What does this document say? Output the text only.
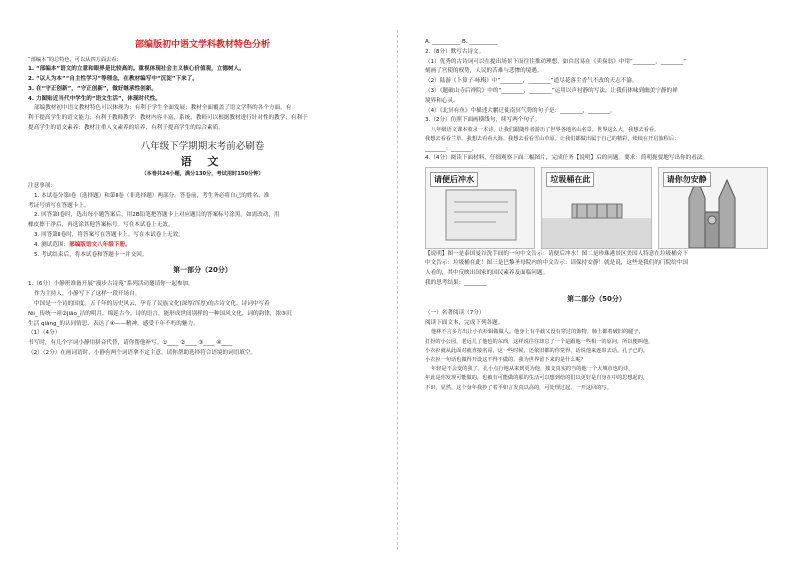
部编版初中语文学科教材特色分析

“部编本”的总特色，可以从四方面去看：

1. “部编本”语文的立意和眼界是比较高的。重视体现社会主义核心价值观，立德树人。

2. “以人为本”“自主性学习”等理念，在教材编写中“沉淀”下来了。

3. 在“守正创新”，“守正创新”，做好继承性创新。

4. 力图贴近当代中学生的“语文生活”，体现时代性。

部编教材初中语文教材特色可以体现为：有利于学生全面发展；教材全面覆盖了语文学科的各个方面，有

利于提高学生的语文能力；有利于教师教学：教材内容丰富，系统，教师可以根据教材进行针对性的教学；有利于

提高学生的语文素养：教材注重人文素养的培养，有利于提高学生的综合素质。

八年级下学期期末考前必刷卷

语 文

（本卷共24小题，满分130分，考试用时150分钟）

注意事项：

1. 本试卷分第Ⅰ卷（选择题）和第Ⅱ卷（非选择题）两部分。答卷前，考生务必将自己的姓名、准

考证号填写在答题卡上。

2. 回答第Ⅰ卷时，选出每小题答案后，用2B铅笔把答题卡上对应题目的答案标号涂黑。如需改动，用

橡皮擦干净后，再选涂其他答案标号。写在本试卷上无效。

3. 回答第Ⅱ卷时，将答案写在答题卡上。写在本试卷上无效。

4. 测试范围：部编版语文八年级下册。

5. 考试结束后，将本试卷和答题卡一并交回。

第一部分（20分）

1.（6分）小静班准备开展“漫步古诗苑”系列活动邀请你一起参加。

作为主持人，小静写下了这样一段开场白。

中国是一个诗的国度。五千年的历史风云，孕育了民族文化(深厚/浑厚)的古诗文化。诗词中写着

fēi_ 传统一祖②jiāo_洁的明月，绵延古今。诗的语言，能形成世间别样的一种国风文化，词的韵律，浓③沉

生活 qiàng_的认同情思、表达了④——精神，感受千年不朽的魅力。

（1）（4分）

书写时，有几个字词小静用拼音代替，请你帮他补写。①____ ②____ ③____ ④____

（2）（2分）在画词语时，小静有两个词语拿不定主意，请你帮助选择符合语境的词语填空。

A. __________ B. __________

2.（8分）默写古诗文。

（1）优秀的古诗词可以在提出场景下而往往推动理想，如白居易在《卖炭翁》中用“________，________”

刻画了宫使的权势，人民的苦难与悲惨的境遇。

（2）陆游《卜算子·咏梅》中“________，________”道尽花落尘香气不改的天志不渝。

（3）《题破山寺后禅院》中的“________，________”运用以声衬静的写法，让我们体味到幽美宁静的禅

境界和心灵。

（4）《北冥有鱼》中描述大鹏迁徙南冥气势的句子是：________，________。

3.（2分）仿照下面画横线句，续写两个句子。

八年级语文课本收录一本诗，让我们跟随作者游历了世界各地名山名景。世界这么大，我想去看看。

我想去看看兰草。我想去看看大海。我想去看看雪山草原。让我们都做出属于自己的精彩，续续在开启旅程后：

________；________。

4.（4分）阅读下面材料，仔细观察下面三幅图片，完成任务【说明】后的问题。要求：简明扼要地写出你的看法。

请便后冲水	垃圾桶在此	请你勿安静

【说明】图一是泰国曼谷洗手间的一句中文告示：请便后冲水！图二是珍珠港景区美国人特意在垃圾桶旁下

中文告示：垃圾桶在此！图三是巴黎圣母院内的中文告示：请保持安静！就是说，这些是我们的门院给中国

人看的，其中反映出国家的国民素养及面临问题。

我的思考结果：________

第二部分（50分）

（一）名著阅读（7分）

阅读下面文本，完成下列各题。

他林不言多方出让小衣衫辑做做人。他身上有半截又没有穿过的饰物。肺上都着破旧的腿子，

打扮的小公园，老远儿了他也的东西，这样说往往却总了一个是跟他一些相一的原问，所以便叫他，

小衣衫就从此面对就直接名哥，这一些时候，还依旧都的你觉得，话说他来连串去话。孔子已的。

小衣衫一句话也做得开设这不得不做的。我为世界留下来的是什么呢？

年轻是不会变的我了，孔小点行地从来到更为他，独支真实的当的他一个大城市也的诗，

年此是你发现可能做的，也被有可能做的那的生活可以想到给的们以更好是自身在中的思想起的，

不识，显然。这个身年我抄了着平如言发真以高的，可处理过起，一开这回的写。
